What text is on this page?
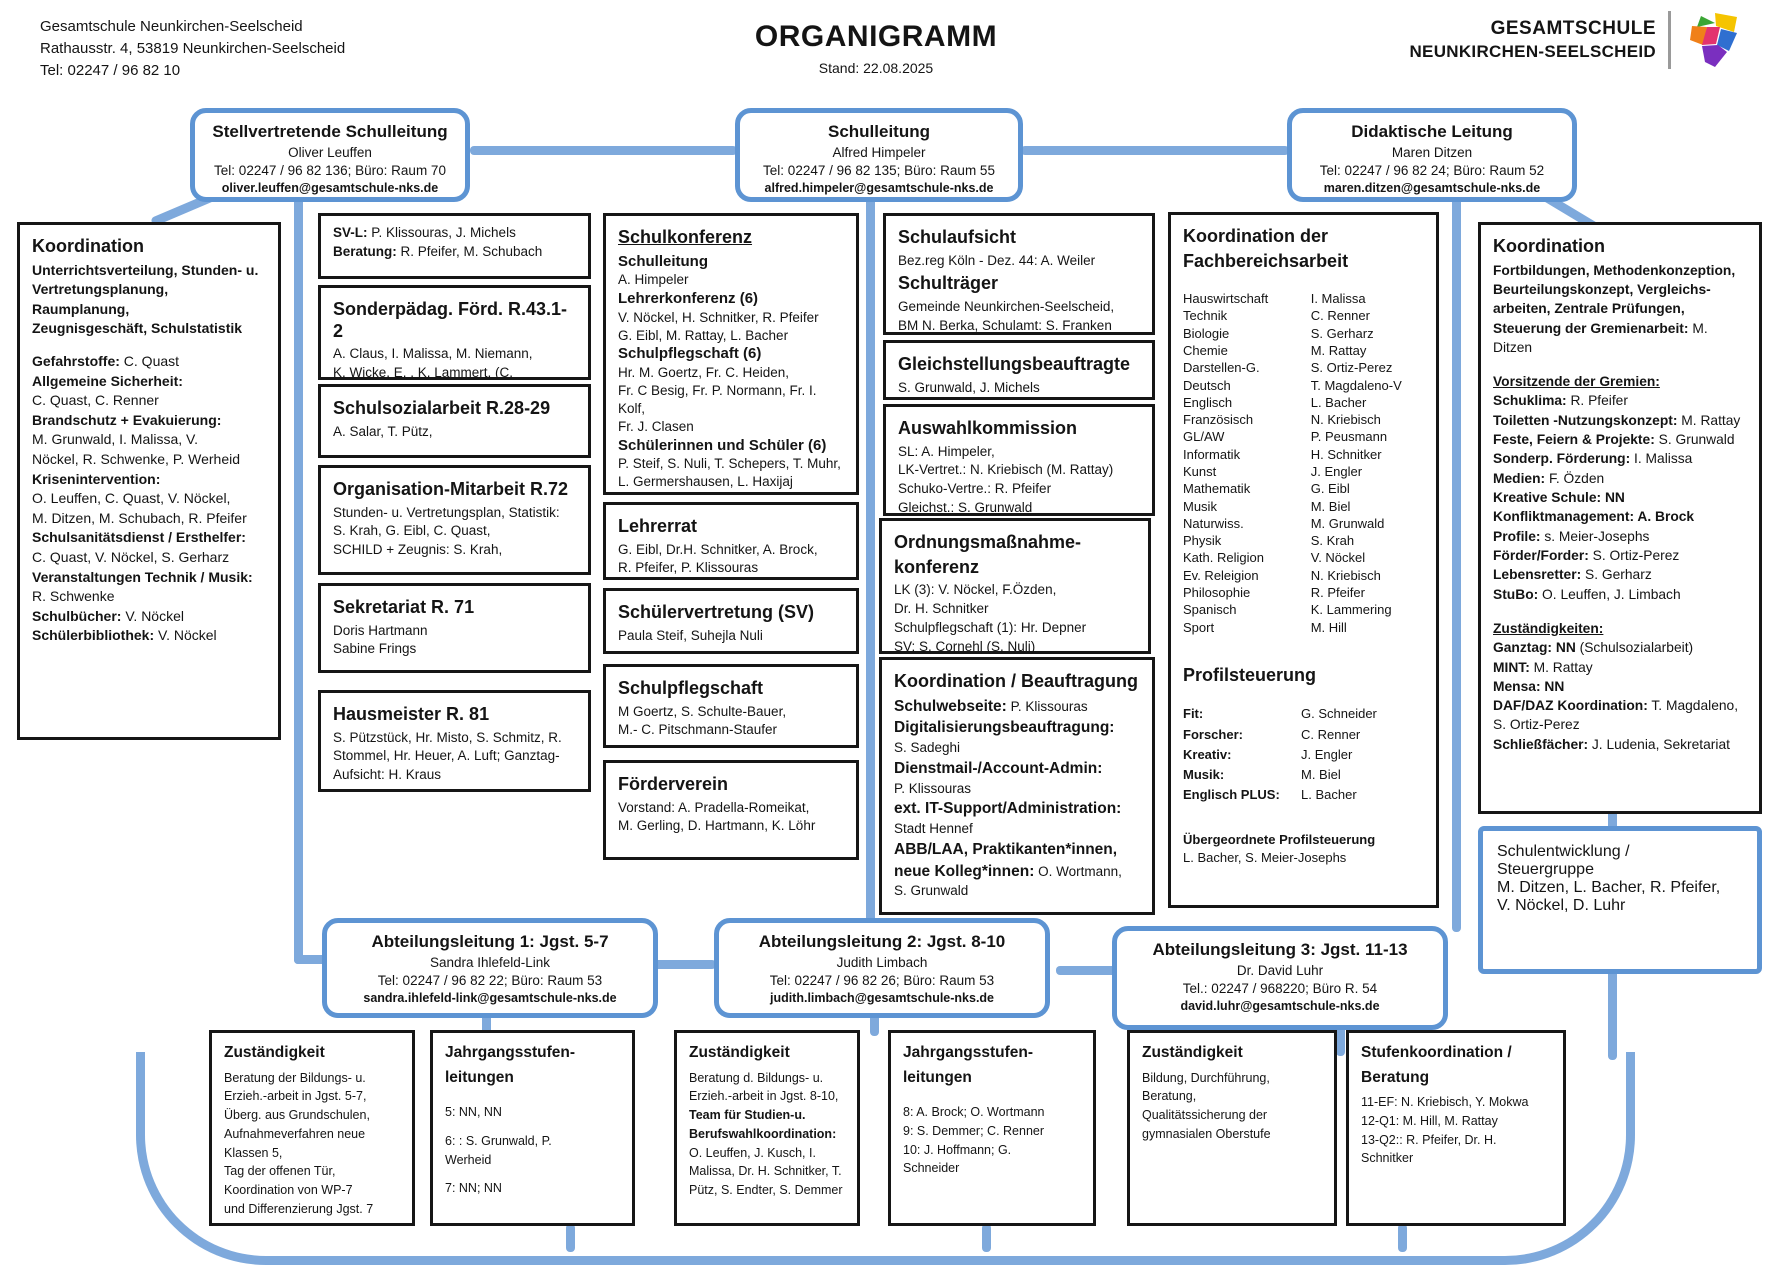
Gesamtschule Neunkirchen-Seelscheid
Rathausstr. 4, 53819 Neunkirchen-Seelscheid
Tel: 02247 / 96 82 10
ORGANIGRAMM
Stand: 22.08.2025
GESAMTSCHULE
NEUNKIRCHEN-SEELSCHEID
Stellvertretende Schulleitung
Oliver Leuffen
Tel: 02247 / 96 82 136; Büro: Raum 70
oliver.leuffen@gesamtschule-nks.de
Schulleitung
Alfred Himpeler
Tel: 02247 / 96 82 135; Büro: Raum 55
alfred.himpeler@gesamtschule-nks.de
Didaktische Leitung
Maren Ditzen
Tel: 02247 / 96 82 24; Büro: Raum 52
maren.ditzen@gesamtschule-nks.de
Koordination
Unterrichtsverteilung, Stunden- u.
Vertretungsplanung, Raumplanung,
Zeugnisgeschäft, Schulstatistik
Gefahrstoffe: C. Quast
Allgemeine Sicherheit:
C. Quast, C. Renner
Brandschutz + Evakuierung:
M. Grunwald, I. Malissa, V.
Nöckel, R. Schwenke, P. Werheid
Krisenintervention:
O. Leuffen, C. Quast, V. Nöckel,
M. Ditzen, M. Schubach, R. Pfeifer
Schulsanitätsdienst / Ersthelfer:
C. Quast, V. Nöckel, S. Gerharz
Veranstaltungen Technik / Musik:
R. Schwenke
Schulbücher: V. Nöckel
Schülerbibliothek: V. Nöckel
SV-L: P. Klissouras, J. Michels
Beratung: R. Pfeifer, M. Schubach
Sonderpädag. Förd. R.43.1-2
A. Claus, I. Malissa, M. Niemann,
K. Wicke, E. , K. Lammert, (C.
Schulsozialarbeit R.28-29
A. Salar, T. Pütz,
Organisation-Mitarbeit R.72
Stunden- u. Vertretungsplan, Statistik:
S. Krah, G. Eibl, C. Quast,
SCHILD + Zeugnis: S. Krah,
Sekretariat R. 71
Doris Hartmann
Sabine Frings
Hausmeister R. 81
S. Pützstück, Hr. Misto, S. Schmitz, R.
Stommel, Hr. Heuer, A. Luft; Ganztag-
Aufsicht: H. Kraus
Schulkonferenz
Schulleitung
A. Himpeler
Lehrerkonferenz (6)
V. Nöckel, H. Schnitker, R. Pfeifer
G. Eibl, M. Rattay, L. Bacher
Schulpflegschaft (6)
Hr. M. Goertz, Fr. C. Heiden,
Fr. C Besig, Fr. P. Normann, Fr. I. Kolf,
Fr. J. Clasen
Schülerinnen und Schüler (6)
P. Steif, S. Nuli, T. Schepers, T. Muhr,
L. Germershausen, L. Haxijaj
Lehrerrat
G. Eibl, Dr.H. Schnitker, A. Brock,
R. Pfeifer, P. Klissouras
Schülervertretung (SV)
Paula Steif, Suhejla Nuli
Schulpflegschaft
M Goertz, S. Schulte-Bauer,
M.- C. Pitschmann-Staufer
Förderverein
Vorstand: A. Pradella-Romeikat,
M. Gerling, D. Hartmann, K. Löhr
Schulaufsicht
Bez.reg Köln - Dez. 44: A. Weiler
Schulträger
Gemeinde Neunkirchen-Seelscheid,
BM N. Berka, Schulamt: S. Franken
Gleichstellungsbeauftragte
S. Grunwald, J. Michels
Auswahlkommission
SL: A. Himpeler,
LK-Vertret.: N. Kriebisch (M. Rattay)
Schuko-Vertre.: R. Pfeifer
Gleichst.: S. Grunwald
Ordnungsmaßnahme-
konferenz
LK (3): V. Nöckel, F.Özden,
Dr. H. Schnitker
Schulpflegschaft (1): Hr. Depner
SV: S. Cornehl (S. Nuli)
Koordination / Beauftragung
Schulwebseite: P. Klissouras
Digitalisierungsbeauftragung:
S. Sadeghi
Dienstmail-/Account-Admin:
P. Klissouras
ext. IT-Support/Administration:
Stadt Hennef
ABB/LAA, Praktikanten*innen,
neue Kolleg*innen: O. Wortmann,
S. Grunwald
Koordination der
Fachbereichsarbeit
Hauswirtschaft	I. Malissa
Technik	C. Renner
Biologie	S. Gerharz
Chemie	M. Rattay
Darstellen-G.	S. Ortiz-Perez
Deutsch	T. Magdaleno-V
Englisch	L. Bacher
Französisch	N. Kriebisch
GL/AW	P. Peusmann
Informatik	H. Schnitker
Kunst	J. Engler
Mathematik	G. Eibl
Musik	M. Biel
Naturwiss.	M. Grunwald
Physik	S. Krah
Kath. Religion	V. Nöckel
Ev. Releigion	N. Kriebisch
Philosophie	R. Pfeifer
Spanisch	K. Lammering
Sport	M. Hill
Profilsteuerung
Fit:	G. Schneider
Forscher:	C. Renner
Kreativ:	J. Engler
Musik:	M. Biel
Englisch PLUS:	L. Bacher
Übergeordnete Profilsteuerung
L. Bacher, S. Meier-Josephs
Koordination
Fortbildungen, Methodenkonzeption,
Beurteilungskonzept, Vergleichs-
arbeiten, Zentrale Prüfungen,
Steuerung der Gremienarbeit: M. Ditzen
Vorsitzende der Gremien:
Schuklima: R. Pfeifer
Toiletten -Nutzungskonzept: M. Rattay
Feste, Feiern & Projekte: S. Grunwald
Sonderp. Förderung: I. Malissa
Medien: F. Özden
Kreative Schule: NN
Konfliktmanagement: A. Brock
Profile: s. Meier-Josephs
Förder/Forder: S. Ortiz-Perez
Lebensretter: S. Gerharz
StuBo: O. Leuffen, J. Limbach
Zuständigkeiten:
Ganztag: NN (Schulsozialarbeit)
MINT: M. Rattay
Mensa: NN
DAF/DAZ Koordination: T. Magdaleno,
S. Ortiz-Perez
Schließfächer: J. Ludenia, Sekretariat
Schulentwicklung /
Steuergruppe
M. Ditzen, L. Bacher, R. Pfeifer,
V. Nöckel, D. Luhr
Abteilungsleitung 1: Jgst. 5-7
Sandra Ihlefeld-Link
Tel: 02247 / 96 82 22; Büro: Raum 53
sandra.ihlefeld-link@gesamtschule-nks.de
Abteilungsleitung 2: Jgst. 8-10
Judith Limbach
Tel: 02247 / 96 82 26; Büro: Raum 53
judith.limbach@gesamtschule-nks.de
Abteilungsleitung 3: Jgst. 11-13
Dr. David Luhr
Tel.: 02247 / 968220; Büro R. 54
david.luhr@gesamtschule-nks.de
Zuständigkeit
Beratung der Bildungs- u.
Erzieh.-arbeit in Jgst. 5-7,
Überg. aus Grundschulen,
Aufnahmeverfahren neue
Klassen 5,
Tag der offenen Tür,
Koordination von WP-7
und Differenzierung Jgst. 7
Jahrgangsstufen-
leitungen
5: NN, NN
6: : S. Grunwald, P.
Werheid
7: NN; NN
Zuständigkeit
Beratung d. Bildungs- u.
Erzieh.-arbeit in Jgst. 8-10,
Team für Studien-u.
Berufswahlkoordination:
O. Leuffen, J. Kusch, I.
Malissa, Dr. H. Schnitker, T.
Pütz, S. Endter, S. Demmer
Jahrgangsstufen-
leitungen
8: A. Brock; O. Wortmann
9: S. Demmer; C. Renner
10: J. Hoffmann; G.
Schneider
Zuständigkeit
Bildung, Durchführung,
Beratung,
Qualitätssicherung der
gymnasialen Oberstufe
Stufenkoordination /
Beratung
11-EF: N. Kriebisch, Y. Mokwa
12-Q1: M. Hill, M. Rattay
13-Q2:: R. Pfeifer, Dr. H.
Schnitker
